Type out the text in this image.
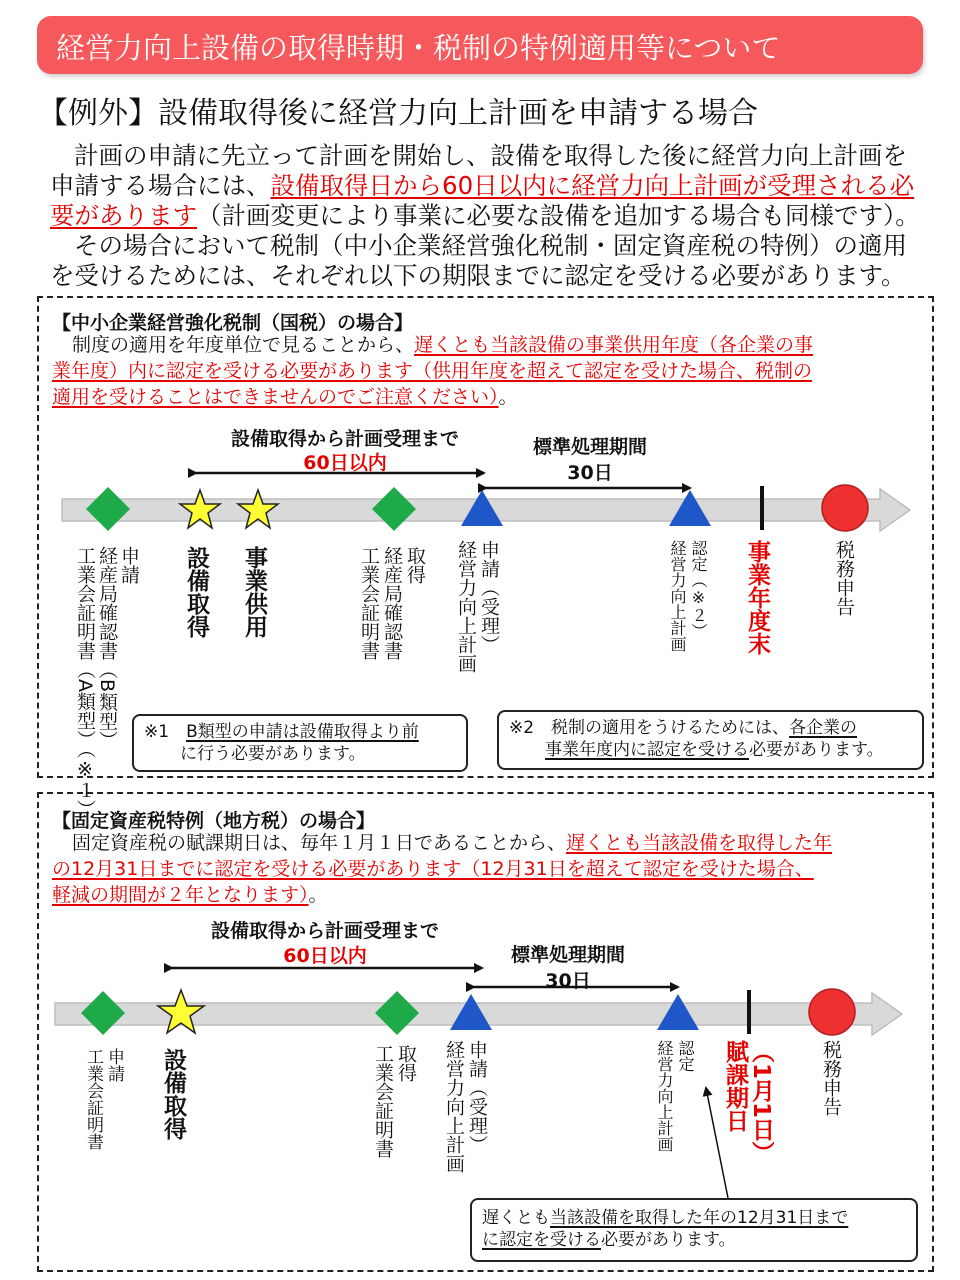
経営力向上設備の取得時期・税制の特例適用等について
【例外】設備取得後に経営力向上計画を申請する場合
計画の申請に先立って計画を開始し、設備を取得した後に経営力向上計画を
申請する場合には、設備取得日から60日以内に経営力向上計画が受理される必
要があります（計画変更により事業に必要な設備を追加する場合も同様です）。
その場合において税制（中小企業経営強化税制・固定資産税の特例）の適用
を受けるためには、それぞれ以下の期限までに認定を受ける必要があります。
【中小企業経営強化税制（国税）の場合】
制度の適用を年度単位で見ることから、遅くとも当該設備の事業供用年度（各企業の事
業年度）内に認定を受ける必要があります（供用年度を超えて認定を受けた場合、税制の
適用を受けることはできませんのでご注意ください）。
設備取得から計画受理まで
60日以内
標準処理期間
30日
申請
経産局確認書（B類型）
工業会証明書（A類型）（※１）	設備取得 事業供用	取得
経産局確認書
工業会証明書	申請（受理）
経営力向上計画	認定（※２）
経営力向上計画 事業年度末	税務申告
※1　B類型の申請は設備取得より前
に行う必要があります。
※2　税制の適用をうけるためには、各企業の
事業年度内に認定を受ける必要があります。
【固定資産税特例（地方税）の場合】
固定資産税の賦課期日は、毎年１月１日であることから、遅くとも当該設備を取得した年
の12月31日までに認定を受ける必要があります（12月31日を超えて認定を受けた場合、
軽減の期間が２年となります）。
設備取得から計画受理まで
60日以内	標準処理期間
30日
申請
工業会証明書 設備取得	取得
工業会証明書	申請（受理）
経営力向上計画	認定
経営力向上計画	（1月1日）賦課期日	税務申告
遅くとも当該設備を取得した年の12月31日まで
に認定を受ける必要があります。
